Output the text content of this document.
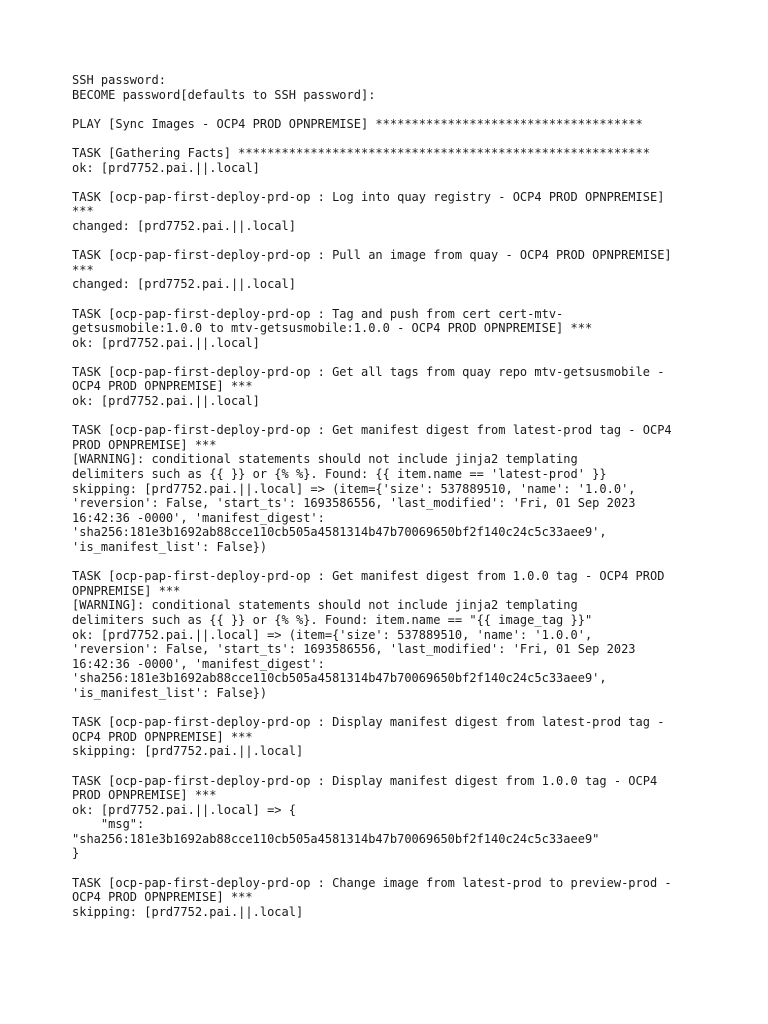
SSH password:
BECOME password[defaults to SSH password]:
PLAY [Sync Images - OCP4 PROD OPNPREMISE] *************************************
TASK [Gathering Facts] *********************************************************
ok: [prd7752.pai.||.local]
TASK [ocp-pap-first-deploy-prd-op : Log into quay registry - OCP4 PROD OPNPREMISE]
***
changed: [prd7752.pai.||.local]
TASK [ocp-pap-first-deploy-prd-op : Pull an image from quay - OCP4 PROD OPNPREMISE]
***
changed: [prd7752.pai.||.local]
TASK [ocp-pap-first-deploy-prd-op : Tag and push from cert cert-mtv-
getsusmobile:1.0.0 to mtv-getsusmobile:1.0.0 - OCP4 PROD OPNPREMISE] ***
ok: [prd7752.pai.||.local]
TASK [ocp-pap-first-deploy-prd-op : Get all tags from quay repo mtv-getsusmobile -
OCP4 PROD OPNPREMISE] ***
ok: [prd7752.pai.||.local]
TASK [ocp-pap-first-deploy-prd-op : Get manifest digest from latest-prod tag - OCP4
PROD OPNPREMISE] ***
[WARNING]: conditional statements should not include jinja2 templating
delimiters such as {{ }} or {% %}. Found: {{ item.name == 'latest-prod' }}
skipping: [prd7752.pai.||.local] => (item={'size': 537889510, 'name': '1.0.0',
'reversion': False, 'start_ts': 1693586556, 'last_modified': 'Fri, 01 Sep 2023
16:42:36 -0000', 'manifest_digest':
'sha256:181e3b1692ab88cce110cb505a4581314b47b70069650bf2f140c24c5c33aee9',
'is_manifest_list': False})
TASK [ocp-pap-first-deploy-prd-op : Get manifest digest from 1.0.0 tag - OCP4 PROD
OPNPREMISE] ***
[WARNING]: conditional statements should not include jinja2 templating
delimiters such as {{ }} or {% %}. Found: item.name == "{{ image_tag }}"
ok: [prd7752.pai.||.local] => (item={'size': 537889510, 'name': '1.0.0',
'reversion': False, 'start_ts': 1693586556, 'last_modified': 'Fri, 01 Sep 2023
16:42:36 -0000', 'manifest_digest':
'sha256:181e3b1692ab88cce110cb505a4581314b47b70069650bf2f140c24c5c33aee9',
'is_manifest_list': False})
TASK [ocp-pap-first-deploy-prd-op : Display manifest digest from latest-prod tag -
OCP4 PROD OPNPREMISE] ***
skipping: [prd7752.pai.||.local]
TASK [ocp-pap-first-deploy-prd-op : Display manifest digest from 1.0.0 tag - OCP4
PROD OPNPREMISE] ***
ok: [prd7752.pai.||.local] => {
"msg":
"sha256:181e3b1692ab88cce110cb505a4581314b47b70069650bf2f140c24c5c33aee9"
}
TASK [ocp-pap-first-deploy-prd-op : Change image from latest-prod to preview-prod -
OCP4 PROD OPNPREMISE] ***
skipping: [prd7752.pai.||.local]
